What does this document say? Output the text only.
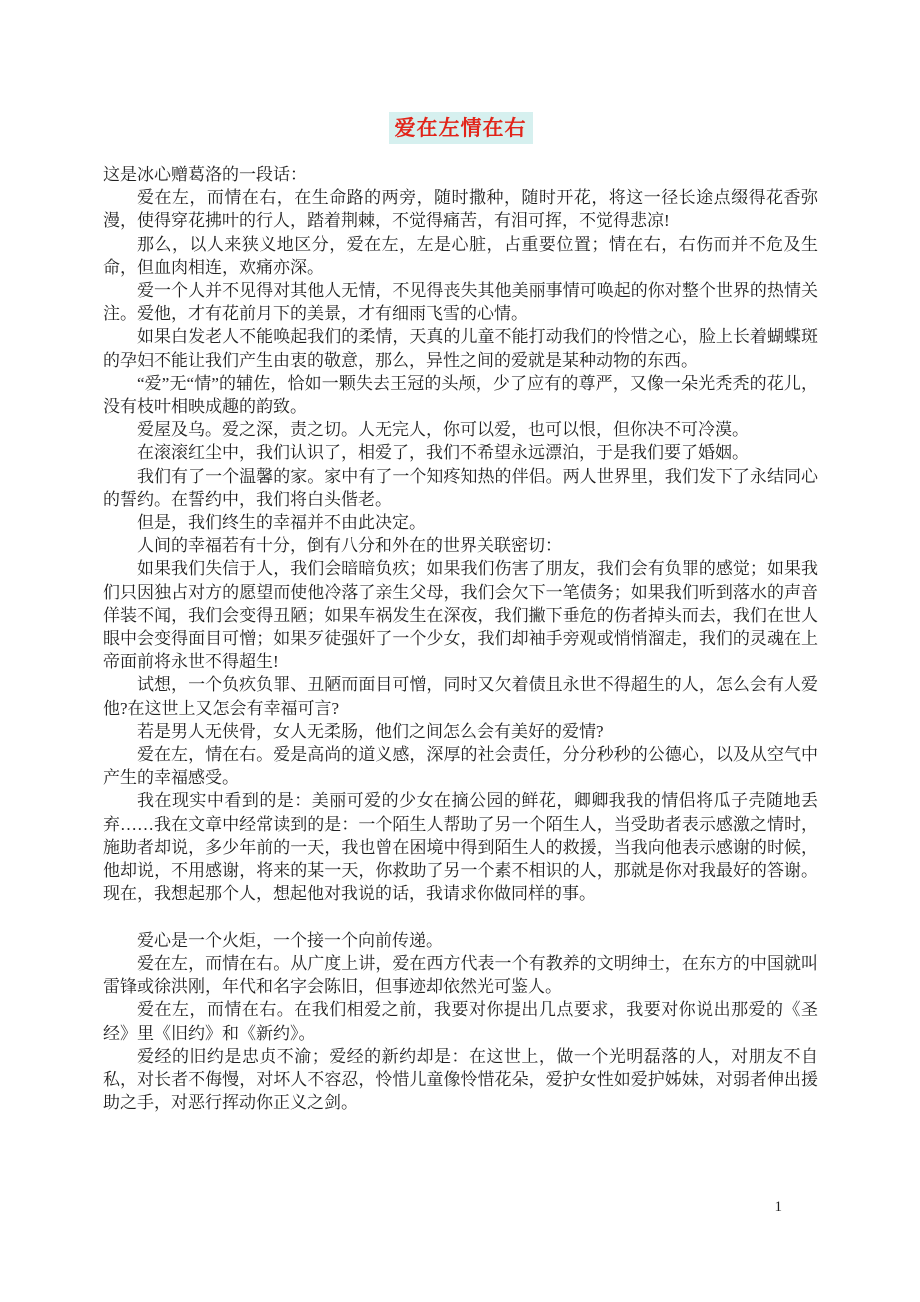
爱在左情在右

这是冰心赠葛洛的一段话：

爱在左，而情在右，在生命路的两旁，随时撒种，随时开花，将这一径长途点缀得花香弥漫，使得穿花拂叶的行人，踏着荆棘，不觉得痛苦，有泪可挥，不觉得悲凉!

那么，以人来狭义地区分，爱在左，左是心脏，占重要位置；情在右，右伤而并不危及生命，但血肉相连，欢痛亦深。

爱一个人并不见得对其他人无情，不见得丧失其他美丽事情可唤起的你对整个世界的热情关注。爱他，才有花前月下的美景，才有细雨飞雪的心情。

如果白发老人不能唤起我们的柔情，天真的儿童不能打动我们的怜惜之心，脸上长着蝴蝶斑的孕妇不能让我们产生由衷的敬意，那么，异性之间的爱就是某种动物的东西。

“爱”无“情”的辅佐，恰如一颗失去王冠的头颅，少了应有的尊严，又像一朵光秃秃的花儿，没有枝叶相映成趣的韵致。

爱屋及乌。爱之深，责之切。人无完人，你可以爱，也可以恨，但你决不可冷漠。

在滚滚红尘中，我们认识了，相爱了，我们不希望永远漂泊，于是我们要了婚姻。

我们有了一个温馨的家。家中有了一个知疼知热的伴侣。两人世界里，我们发下了永结同心的誓约。在誓约中，我们将白头偕老。

但是，我们终生的幸福并不由此决定。

人间的幸福若有十分，倒有八分和外在的世界关联密切：

如果我们失信于人，我们会暗暗负疚；如果我们伤害了朋友，我们会有负罪的感觉；如果我们只因独占对方的愿望而使他冷落了亲生父母，我们会欠下一笔债务；如果我们听到落水的声音佯装不闻，我们会变得丑陋；如果车祸发生在深夜，我们撇下垂危的伤者掉头而去，我们在世人眼中会变得面目可憎；如果歹徒强奸了一个少女，我们却袖手旁观或悄悄溜走，我们的灵魂在上帝面前将永世不得超生!

试想，一个负疚负罪、丑陋而面目可憎，同时又欠着债且永世不得超生的人，怎么会有人爱他?在这世上又怎会有幸福可言?

若是男人无侠骨，女人无柔肠，他们之间怎么会有美好的爱情?

爱在左，情在右。爱是高尚的道义感，深厚的社会责任，分分秒秒的公德心，以及从空气中产生的幸福感受。

我在现实中看到的是：美丽可爱的少女在摘公园的鲜花，卿卿我我的情侣将瓜子壳随地丢弃……我在文章中经常读到的是：一个陌生人帮助了另一个陌生人，当受助者表示感激之情时，施助者却说，多少年前的一天，我也曾在困境中得到陌生人的救援，当我向他表示感谢的时候，他却说，不用感谢，将来的某一天，你救助了另一个素不相识的人，那就是你对我最好的答谢。现在，我想起那个人，想起他对我说的话，我请求你做同样的事。

爱心是一个火炬，一个接一个向前传递。

爱在左，而情在右。从广度上讲，爱在西方代表一个有教养的文明绅士，在东方的中国就叫雷锋或徐洪刚，年代和名字会陈旧，但事迹却依然光可鉴人。

爱在左，而情在右。在我们相爱之前，我要对你提出几点要求，我要对你说出那爱的《圣经》里《旧约》和《新约》。

爱经的旧约是忠贞不渝；爱经的新约却是：在这世上，做一个光明磊落的人，对朋友不自私，对长者不侮慢，对坏人不容忍，怜惜儿童像怜惜花朵，爱护女性如爱护姊妹，对弱者伸出援助之手，对恶行挥动你正义之剑。

1
